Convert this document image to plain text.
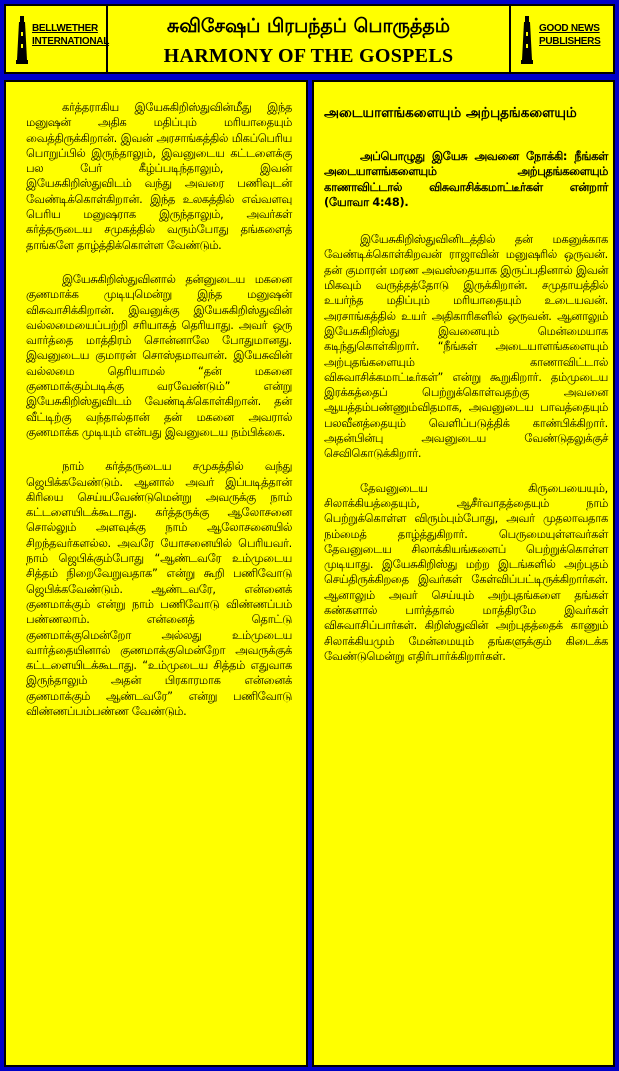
BELLWETHER
INTERNATIONAL
சுவிசேஷப் பிரபந்தப் பொருத்தம்
HARMONY OF THE GOSPELS
GOOD NEWS
PUBLISHERS

கர்த்தராகிய இயேசுகிறிஸ்துவின்மீது இந்த மனுஷன் அதிக மதிப்பும் மரியாதையும் வைத்திருக்கிறான். இவன் அரசாங்கத்தில் மிகப்பெரிய பொறுப்பில் இருந்தாலும், இவனுடைய கட்டளைக்கு பல பேர் கீழ்ப்படிந்தாலும், இவன் இயேசுகிறிஸ்துவிடம் வந்து அவரை பணிவுடன் வேண்டிக்கொள்கிறான். இந்த உலகத்தில் எவ்வளவு பெரிய மனுஷராக இருந்தாலும், அவர்கள் கர்த்தருடைய சமுகத்தில் வரும்போது தங்களைத் தாங்களே தாழ்த்திக்கொள்ள வேண்டும்.

இயேசுகிறிஸ்துவினால் தன்னுடைய மகனை குணமாக்க முடியுமென்று இந்த மனுஷன் விசுவாசிக்கிறான். இவனுக்கு இயேசுகிறிஸ்துவின் வல்லமையைப்பற்றி சரியாகத் தெரியாது. அவர் ஒரு வார்த்தை மாத்திரம் சொன்னாலே போதுமானது. இவனுடைய குமாரன் சொஸ்தமாவான். இயேசுவின் வல்லமை தெரியாமல் “தன் மகனை குணமாக்கும்படிக்கு வரவேண்டும்” என்று இயேசுகிறிஸ்துவிடம் வேண்டிக்கொள்கிறான். தன் வீட்டிற்கு வந்தால்தான் தன் மகனை அவரால் குணமாக்க முடியும் என்பது இவனுடைய நம்பிக்கை.

நாம் கர்த்தருடைய சமுகத்தில் வந்து ஜெபிக்கவேண்டும். ஆனால் அவர் இப்படித்தான் கிரியை செய்யவேண்டுமென்று அவருக்கு நாம் கட்டளையிடக்கூடாது. கர்த்தருக்கு ஆலோசனை சொல்லும் அளவுக்கு நாம் ஆலோசனையில் சிறந்தவர்களல்ல. அவரே யோசனையில் பெரியவர். நாம் ஜெபிக்கும்போது “ஆண்டவரே உம்முடைய சித்தம் நிறைவேறுவதாக” என்று கூறி பணிவோடு ஜெபிக்கவேண்டும். ஆண்டவரே, என்னைக் குணமாக்கும் என்று நாம் பணிவோடு விண்ணப்பம் பண்ணலாம். என்னைத் தொட்டு குணமாக்குமென்றோ அல்லது உம்முடைய வார்த்தையினால் குணமாக்குமென்றோ அவருக்குக் கட்டளையிடக்கூடாது. “உம்முடைய சித்தம் எதுவாக இருந்தாலும் அதன் பிரகாரமாக என்னைக் குணமாக்கும் ஆண்டவரே” என்று பணிவோடு விண்ணப்பம்பண்ண வேண்டும்.

அடையாளங்களையும் அற்புதங்களையும்

அப்பொழுது இயேசு அவனை நோக்கி: நீங்கள் அடையாளங்களையும் அற்புதங்களையும் காணாவிட்டால் விசுவாசிக்கமாட்டீர்கள் என்றார் (யோவா 4:48).

இயேசுகிறிஸ்துவினிடத்தில் தன் மகனுக்காக வேண்டிக்கொள்கிறவன் ராஜாவின் மனுஷரில் ஒருவன். தன் குமாரன் மரண அவஸ்தையாக இருப்பதினால் இவன் மிகவும் வருத்தத்தோடு இருக்கிறான். சமுதாயத்தில் உயர்ந்த மதிப்பும் மரியாதையும் உடையவன். அரசாங்கத்தில் உயர் அதிகாரிகளில் ஒருவன். ஆனாலும் இயேசுகிறிஸ்து இவனையும் மென்மையாக கடிந்துகொள்கிறார். “நீங்கள் அடையாளங்களையும் அற்புதங்களையும் காணாவிட்டால் விசுவாசிக்கமாட்டீர்கள்” என்று கூறுகிறார். தம்முடைய இரக்கத்தைப் பெற்றுக்கொள்வதற்கு அவனை ஆயத்தம்பண்ணும்விதமாக, அவனுடைய பாவத்தையும் பலவீனத்தையும் வெளிப்படுத்திக் காண்பிக்கிறார். அதன்பின்பு அவனுடைய வேண்டுதலுக்குச் செவிகொடுக்கிறார்.

தேவனுடைய கிருபையையும், சிலாக்கியத்தையும், ஆசீர்வாதத்தையும் நாம் பெற்றுக்கொள்ள விரும்பும்போது, அவர் முதலாவதாக நம்மைத் தாழ்த்துகிறார். பெருமையுள்ளவர்கள் தேவனுடைய சிலாக்கியங்களைப் பெற்றுக்கொள்ள முடியாது. இயேசுகிறிஸ்து மற்ற இடங்களில் அற்புதம் செய்திருக்கிறதை இவர்கள் கேள்விப்பட்டிருக்கிறார்கள். ஆனாலும் அவர் செய்யும் அற்புதங்களை தங்கள் கண்களால் பார்த்தால் மாத்திரமே இவர்கள் விசுவாசிப்பார்கள். கிறிஸ்துவின் அற்புதத்தைக் காணும் சிலாக்கியமும் மேன்மையும் தங்களுக்கும் கிடைக்க வேண்டுமென்று எதிர்பார்க்கிறார்கள்.
